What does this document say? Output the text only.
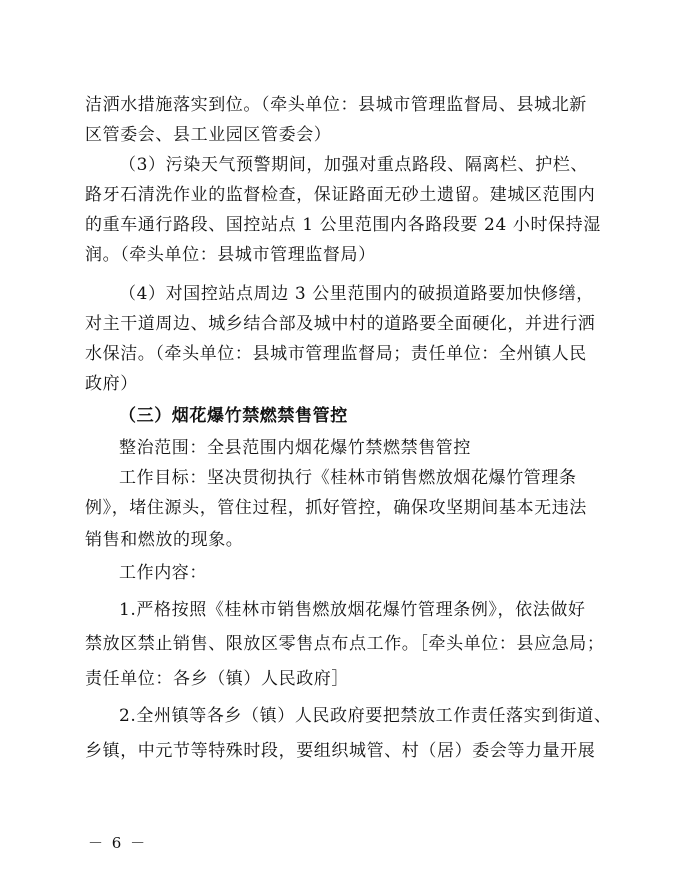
洁洒水措施落实到位。（牵头单位：县城市管理监督局、县城北新
区管委会、县工业园区管委会）
（3）污染天气预警期间，加强对重点路段、隔离栏、护栏、
路牙石清洗作业的监督检查，保证路面无砂土遗留。建城区范围内
的重车通行路段、国控站点 1 公里范围内各路段要 24 小时保持湿
润。（牵头单位：县城市管理监督局）
（4）对国控站点周边 3 公里范围内的破损道路要加快修缮，
对主干道周边、城乡结合部及城中村的道路要全面硬化，并进行洒
水保洁。（牵头单位：县城市管理监督局；责任单位：全州镇人民
政府）
（三）烟花爆竹禁燃禁售管控
整治范围：全县范围内烟花爆竹禁燃禁售管控
工作目标：坚决贯彻执行《桂林市销售燃放烟花爆竹管理条
例》，堵住源头，管住过程，抓好管控，确保攻坚期间基本无违法
销售和燃放的现象。
工作内容：
1.严格按照《桂林市销售燃放烟花爆竹管理条例》，依法做好
禁放区禁止销售、限放区零售点布点工作。［牵头单位：县应急局；
责任单位：各乡（镇）人民政府］
2.全州镇等各乡（镇）人民政府要把禁放工作责任落实到街道、
乡镇，中元节等特殊时段，要组织城管、村（居）委会等力量开展
－ 6 －
